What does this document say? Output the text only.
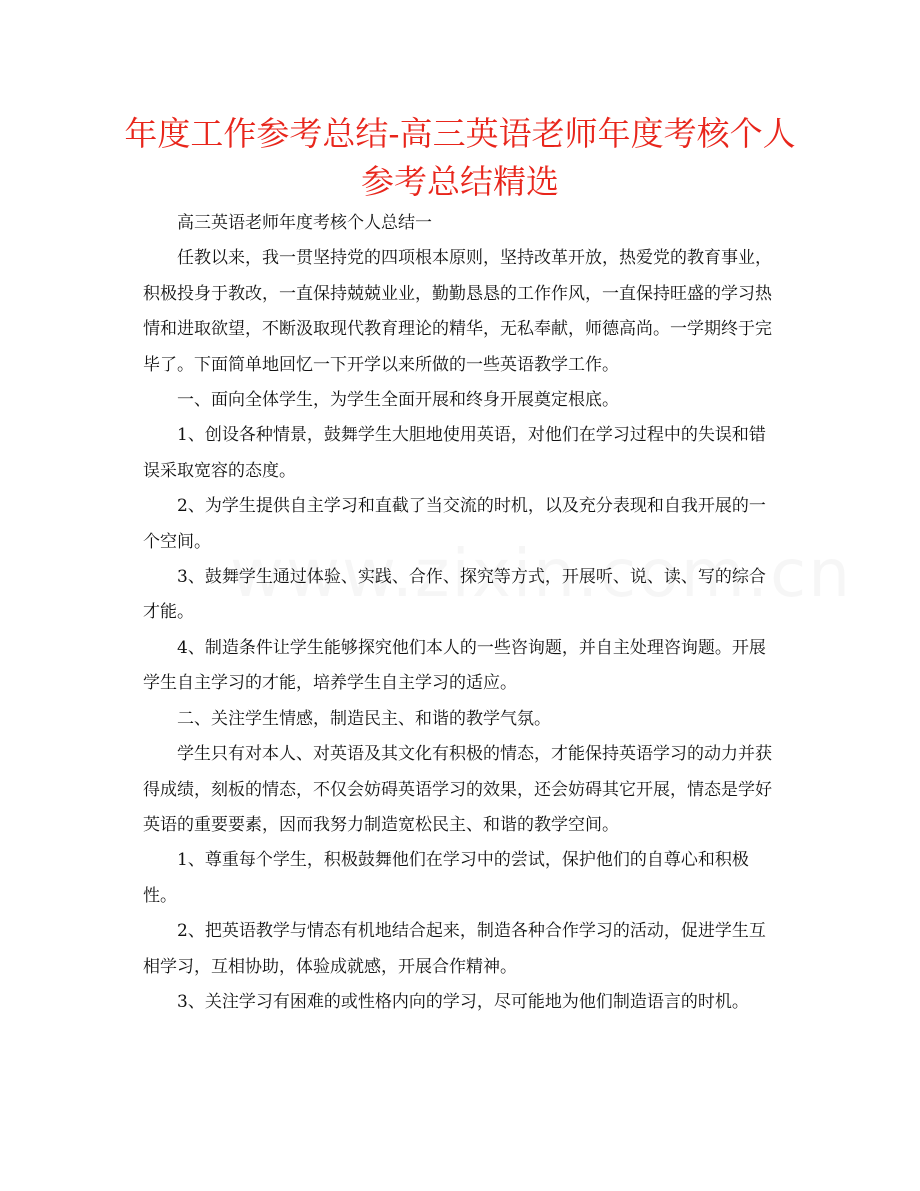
年度工作参考总结-高三英语老师年度考核个人参考总结精选

高三英语老师年度考核个人总结一

任教以来，我一贯坚持党的四项根本原则，坚持改革开放，热爱党的教育事业，积极投身于教改，一直保持兢兢业业，勤勤恳恳的工作作风，一直保持旺盛的学习热情和进取欲望，不断汲取现代教育理论的精华，无私奉献，师德高尚。一学期终于完毕了。下面简单地回忆一下开学以来所做的一些英语教学工作。

一、面向全体学生，为学生全面开展和终身开展奠定根底。

1、创设各种情景，鼓舞学生大胆地使用英语，对他们在学习过程中的失误和错误采取宽容的态度。

2、为学生提供自主学习和直截了当交流的时机，以及充分表现和自我开展的一个空间。

3、鼓舞学生通过体验、实践、合作、探究等方式，开展听、说、读、写的综合才能。

4、制造条件让学生能够探究他们本人的一些咨询题，并自主处理咨询题。开展学生自主学习的才能，培养学生自主学习的适应。

二、关注学生情感，制造民主、和谐的教学气氛。

学生只有对本人、对英语及其文化有积极的情态，才能保持英语学习的动力并获得成绩，刻板的情态，不仅会妨碍英语学习的效果，还会妨碍其它开展，情态是学好英语的重要要素，因而我努力制造宽松民主、和谐的教学空间。

1、尊重每个学生，积极鼓舞他们在学习中的尝试，保护他们的自尊心和积极性。

2、把英语教学与情态有机地结合起来，制造各种合作学习的活动，促进学生互相学习，互相协助，体验成就感，开展合作精神。

3、关注学习有困难的或性格内向的学习，尽可能地为他们制造语言的时机。
